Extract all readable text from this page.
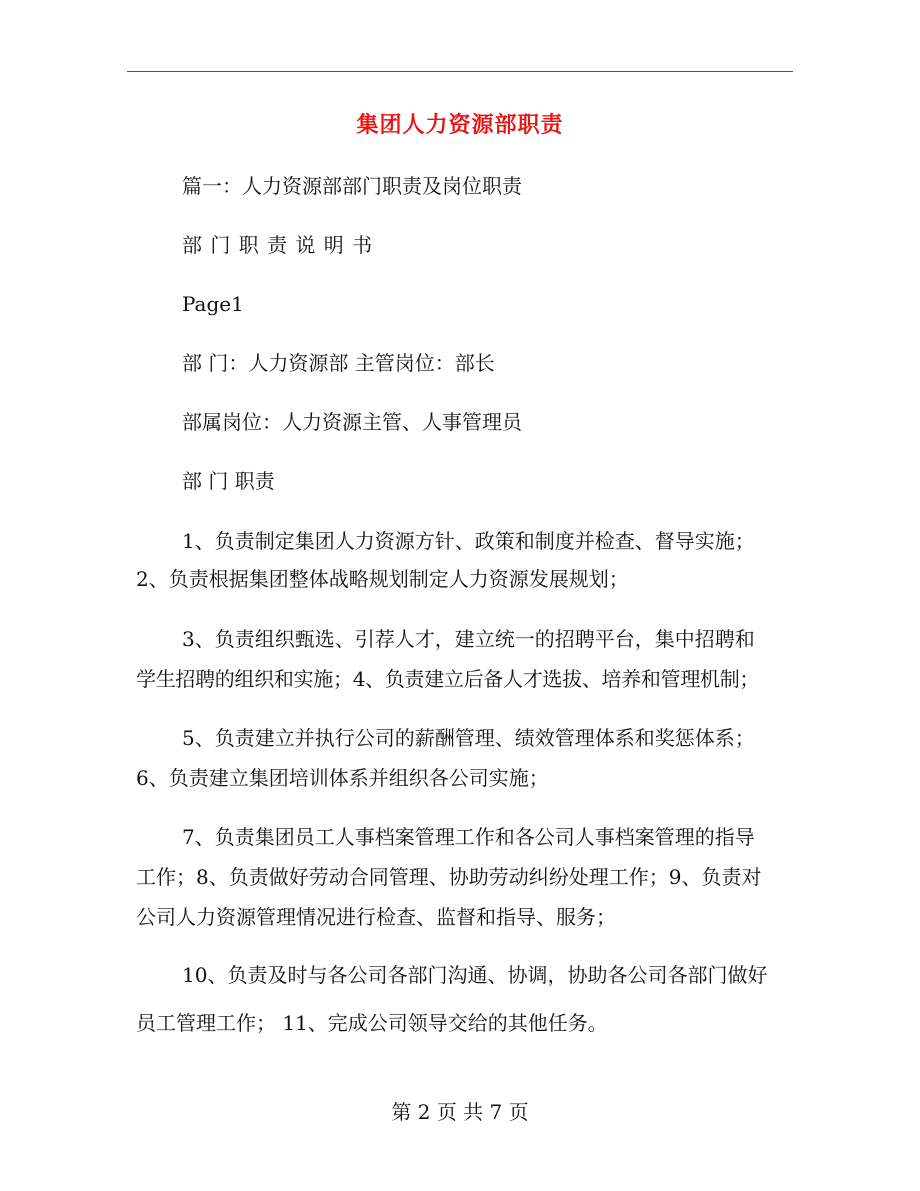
集团人力资源部职责
篇一：人力资源部部门职责及岗位职责
部 门 职 责 说 明 书
Page1
部 门：人力资源部 主管岗位：部长
部属岗位：人力资源主管、人事管理员
部 门 职责
1、负责制定集团人力资源方针、政策和制度并检查、督导实施；
2、负责根据集团整体战略规划制定人力资源发展规划；
3、负责组织甄选、引荐人才，建立统一的招聘平台，集中招聘和
学生招聘的组织和实施；4、负责建立后备人才选拔、培养和管理机制；
5、负责建立并执行公司的薪酬管理、绩效管理体系和奖惩体系；
6、负责建立集团培训体系并组织各公司实施；
7、负责集团员工人事档案管理工作和各公司人事档案管理的指导
工作；8、负责做好劳动合同管理、协助劳动纠纷处理工作；9、负责对
公司人力资源管理情况进行检查、监督和指导、服务；
10、负责及时与各公司各部门沟通、协调，协助各公司各部门做好
员工管理工作； 11、完成公司领导交给的其他任务。
第 2 页 共 7 页
